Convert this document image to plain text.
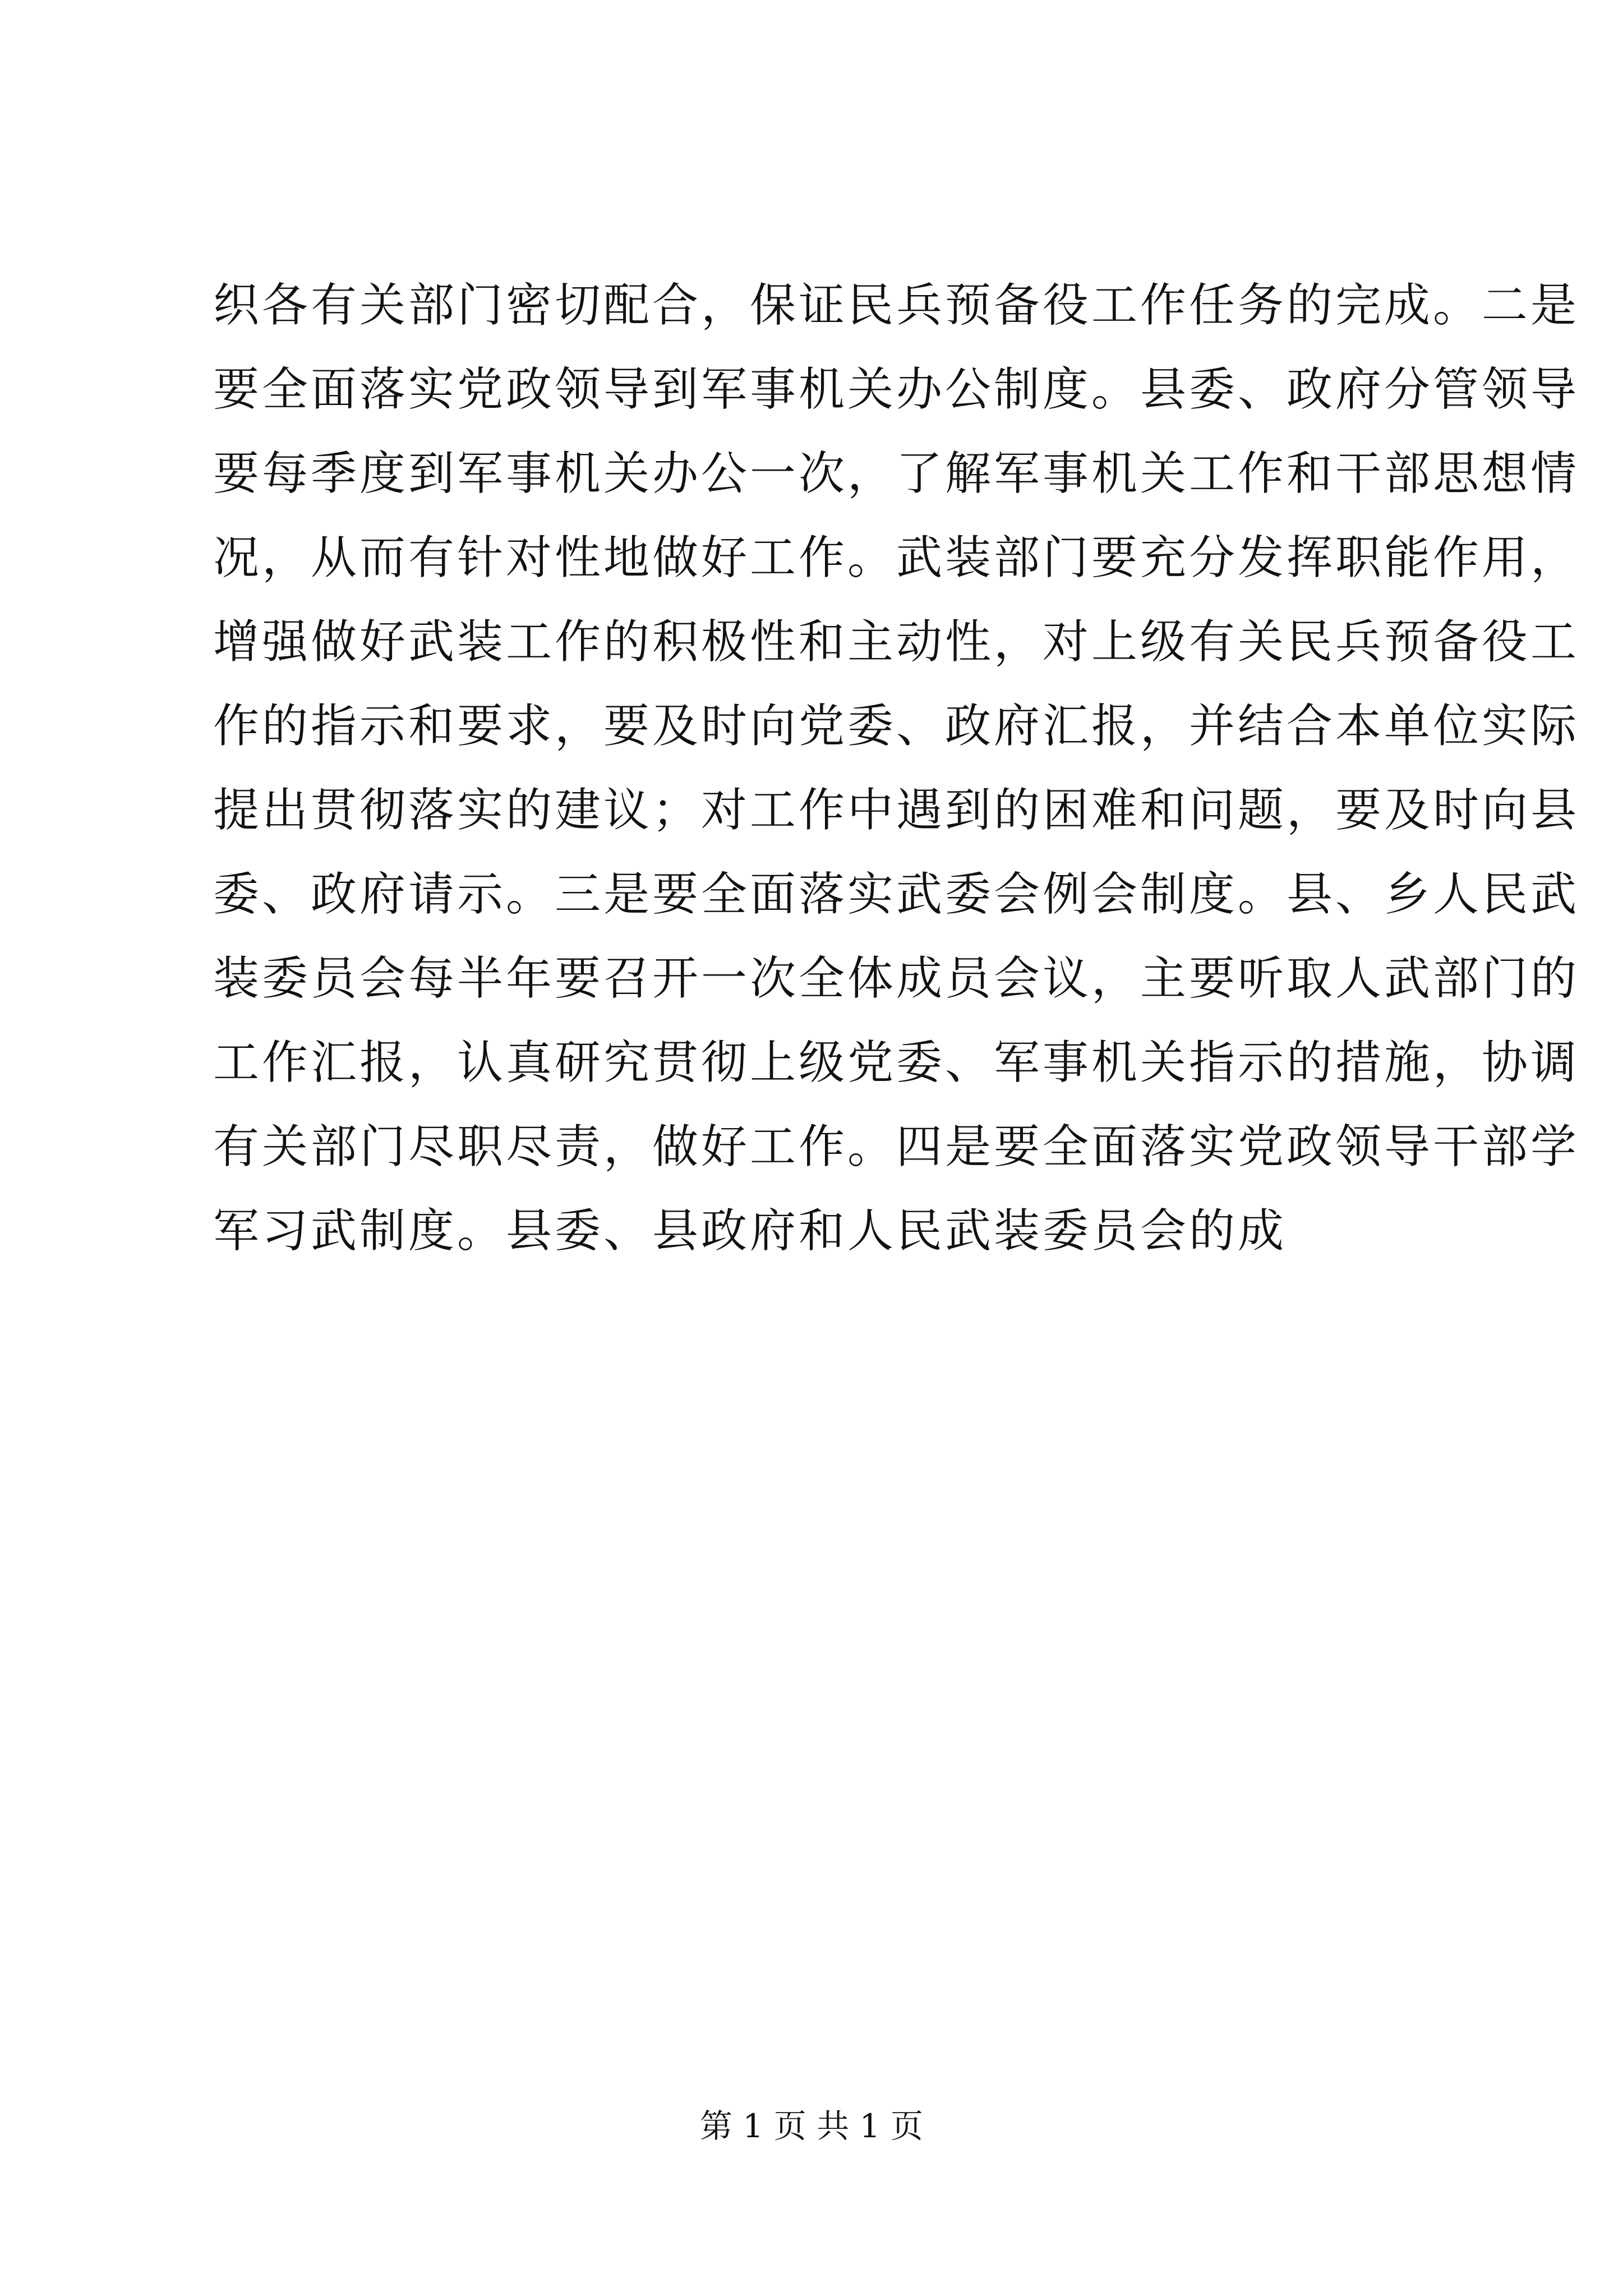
织各有关部门密切配合，保证民兵预备役工作任务的完成。二是
要全面落实党政领导到军事机关办公制度。县委、政府分管领导
要每季度到军事机关办公一次，了解军事机关工作和干部思想情
况，从而有针对性地做好工作。武装部门要充分发挥职能作用，
增强做好武装工作的积极性和主动性，对上级有关民兵预备役工
作的指示和要求，要及时向党委、政府汇报，并结合本单位实际
提出贯彻落实的建议；对工作中遇到的困难和问题，要及时向县
委、政府请示。三是要全面落实武委会例会制度。县、乡人民武
装委员会每半年要召开一次全体成员会议，主要听取人武部门的
工作汇报，认真研究贯彻上级党委、军事机关指示的措施，协调
有关部门尽职尽责，做好工作。四是要全面落实党政领导干部学
军习武制度。县委、县政府和人民武装委员会的成
第 1 页 共 1 页
